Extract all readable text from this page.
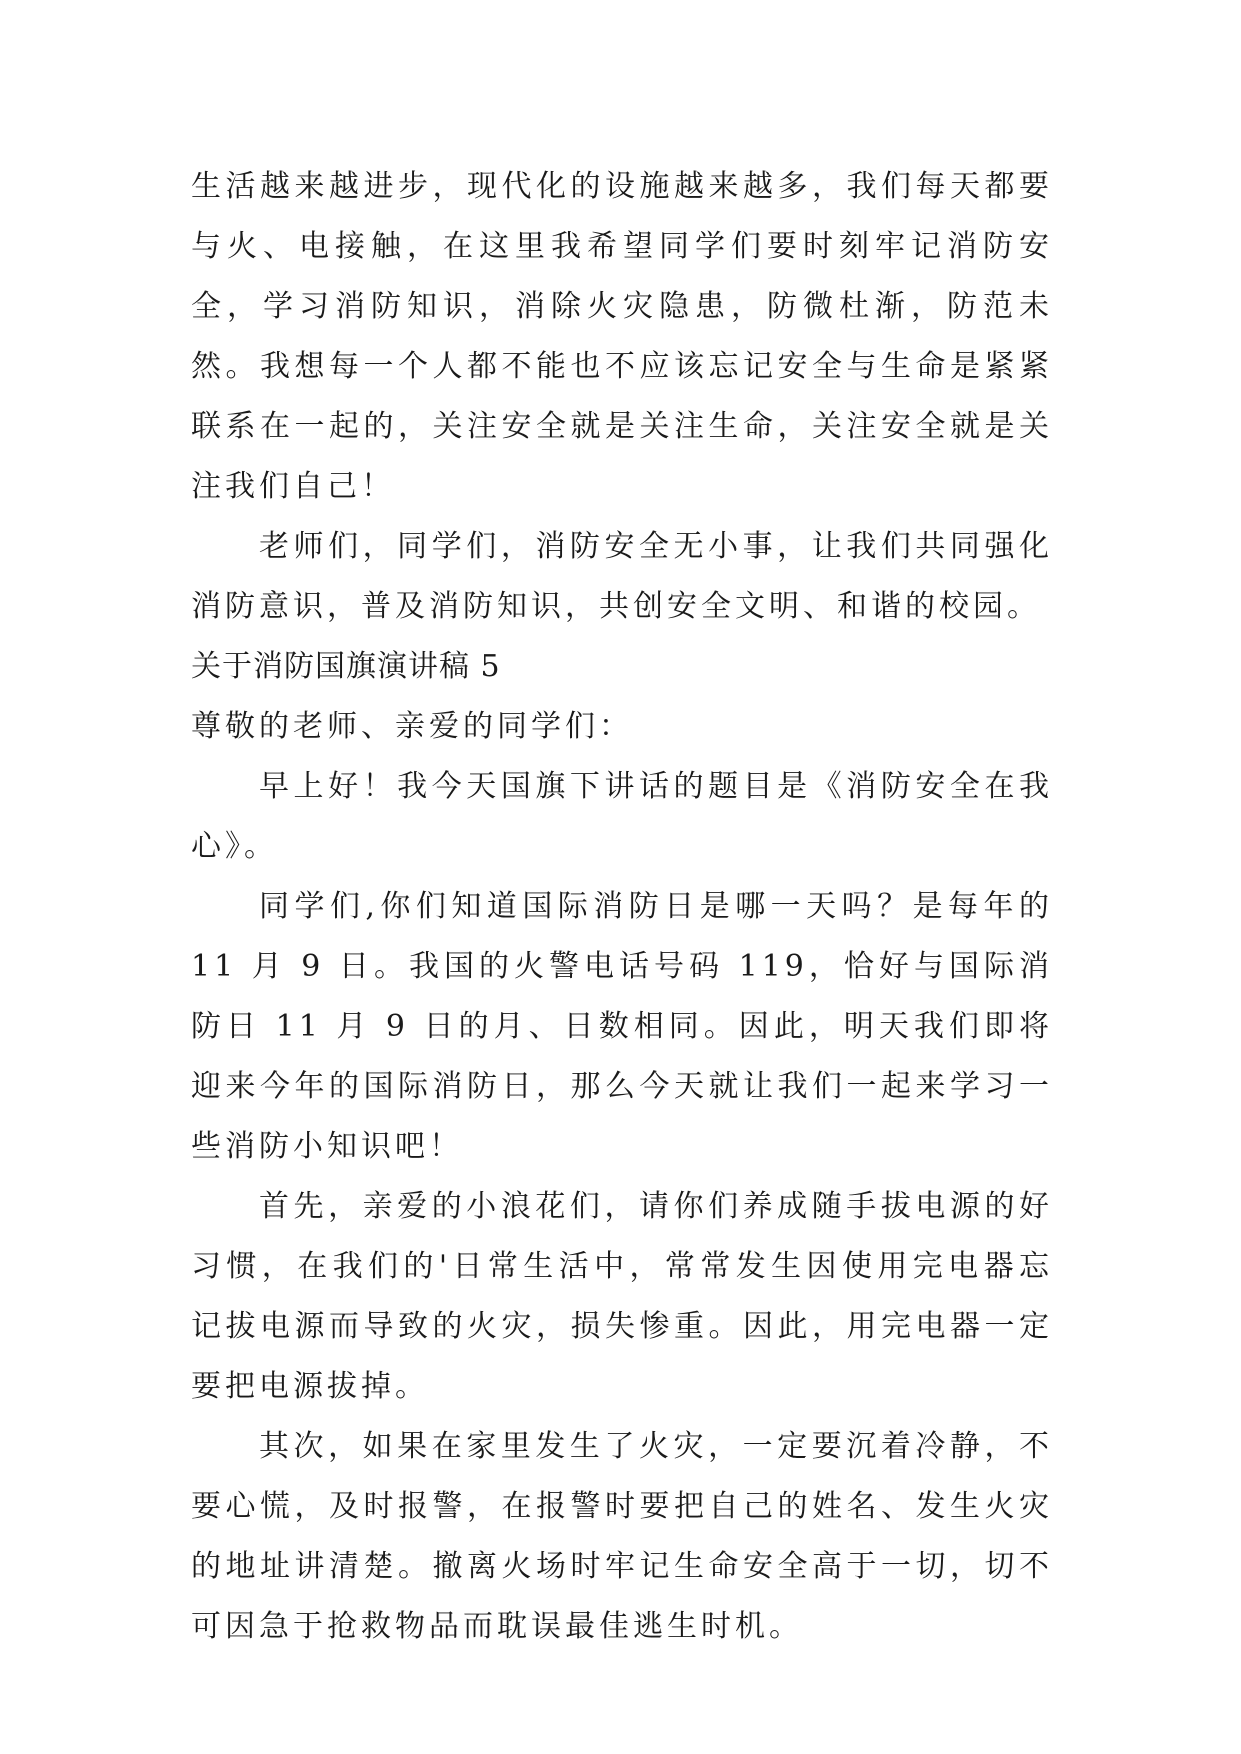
生活越来越进步，现代化的设施越来越多，我们每天都要与火、电接触，在这里我希望同学们要时刻牢记消防安全，学习消防知识，消除火灾隐患，防微杜渐，防范未然。我想每一个人都不能也不应该忘记安全与生命是紧紧联系在一起的，关注安全就是关注生命，关注安全就是关注我们自己！

老师们，同学们，消防安全无小事，让我们共同强化消防意识，普及消防知识，共创安全文明、和谐的校园。

关于消防国旗演讲稿 5

尊敬的老师、亲爱的同学们：

早上好！我今天国旗下讲话的题目是《消防安全在我心》。

同学们,你们知道国际消防日是哪一天吗？是每年的 11 月 9 日。我国的火警电话号码 119，恰好与国际消防日 11 月 9 日的月、日数相同。因此，明天我们即将迎来今年的国际消防日，那么今天就让我们一起来学习一些消防小知识吧！

首先，亲爱的小浪花们，请你们养成随手拔电源的好习惯，在我们的'日常生活中，常常发生因使用完电器忘记拔电源而导致的火灾，损失惨重。因此，用完电器一定要把电源拔掉。

其次，如果在家里发生了火灾，一定要沉着冷静，不要心慌，及时报警，在报警时要把自己的姓名、发生火灾的地址讲清楚。撤离火场时牢记生命安全高于一切，切不可因急于抢救物品而耽误最佳逃生时机。
